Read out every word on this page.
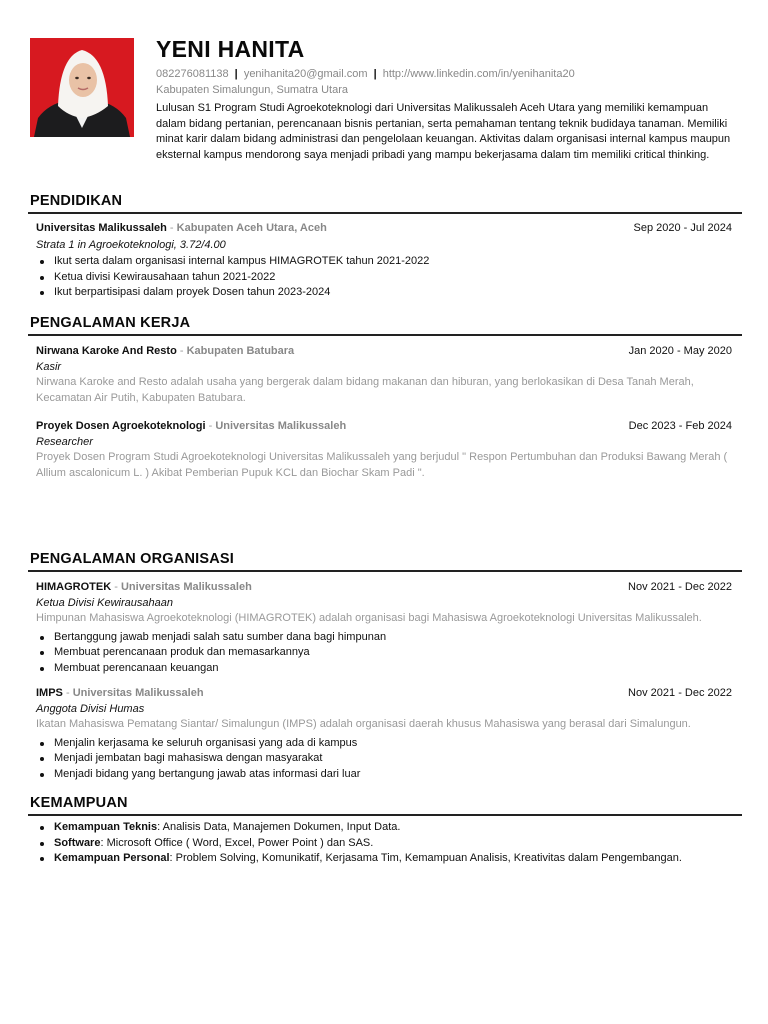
YENI HANITA
082276081138 | yenihanita20@gmail.com | http://www.linkedin.com/in/yenihanita20
Kabupaten Simalungun, Sumatra Utara
Lulusan S1 Program Studi Agroekoteknologi dari Universitas Malikussaleh Aceh Utara yang memiliki kemampuan dalam bidang pertanian, perencanaan bisnis pertanian, serta pemahaman tentang teknik budidaya tanaman. Memiliki minat karir dalam bidang administrasi dan pengelolaan keuangan. Aktivitas dalam organisasi internal kampus maupun eksternal kampus mendorong saya menjadi pribadi yang mampu bekerjasama dalam tim memiliki critical thinking.
PENDIDIKAN
Universitas Malikussaleh - Kabupaten Aceh Utara, Aceh	Sep 2020 - Jul 2024
Strata 1 in Agroekoteknologi, 3.72/4.00
Ikut serta dalam organisasi internal kampus HIMAGROTEK tahun 2021-2022
Ketua divisi Kewirausahaan tahun 2021-2022
Ikut berpartisipasi dalam proyek Dosen tahun 2023-2024
PENGALAMAN KERJA
Nirwana Karoke And Resto - Kabupaten Batubara	Jan 2020 - May 2020
Kasir
Nirwana Karoke and Resto adalah usaha yang bergerak dalam bidang makanan dan hiburan, yang berlokasikan di Desa Tanah Merah, Kecamatan Air Putih, Kabupaten Batubara.
Proyek Dosen Agroekoteknologi - Universitas Malikussaleh	Dec 2023 - Feb 2024
Researcher
Proyek Dosen Program Studi Agroekoteknologi Universitas Malikussaleh yang berjudul " Respon Pertumbuhan dan Produksi Bawang Merah ( Allium ascalonicum L. ) Akibat Pemberian Pupuk KCL dan Biochar Skam Padi ".
PENGALAMAN ORGANISASI
HIMAGROTEK - Universitas Malikussaleh	Nov 2021 - Dec 2022
Ketua Divisi Kewirausahaan
Himpunan Mahasiswa Agroekoteknologi (HIMAGROTEK) adalah organisasi bagi Mahasiswa Agroekoteknologi Universitas Malikussaleh.
Bertanggung jawab menjadi salah satu sumber dana bagi himpunan
Membuat perencanaan produk dan memasarkannya
Membuat perencanaan keuangan
IMPS - Universitas Malikussaleh	Nov 2021 - Dec 2022
Anggota Divisi Humas
Ikatan Mahasiswa Pematang Siantar/ Simalungun (IMPS) adalah organisasi daerah khusus Mahasiswa yang berasal dari Simalungun.
Menjalin kerjasama ke seluruh organisasi yang ada di kampus
Menjadi jembatan bagi mahasiswa dengan masyarakat
Menjadi bidang yang bertangung jawab atas informasi dari luar
KEMAMPUAN
Kemampuan Teknis: Analisis Data, Manajemen Dokumen, Input Data.
Software: Microsoft Office ( Word, Excel, Power Point ) dan SAS.
Kemampuan Personal: Problem Solving, Komunikatif, Kerjasama Tim, Kemampuan Analisis, Kreativitas dalam Pengembangan.
